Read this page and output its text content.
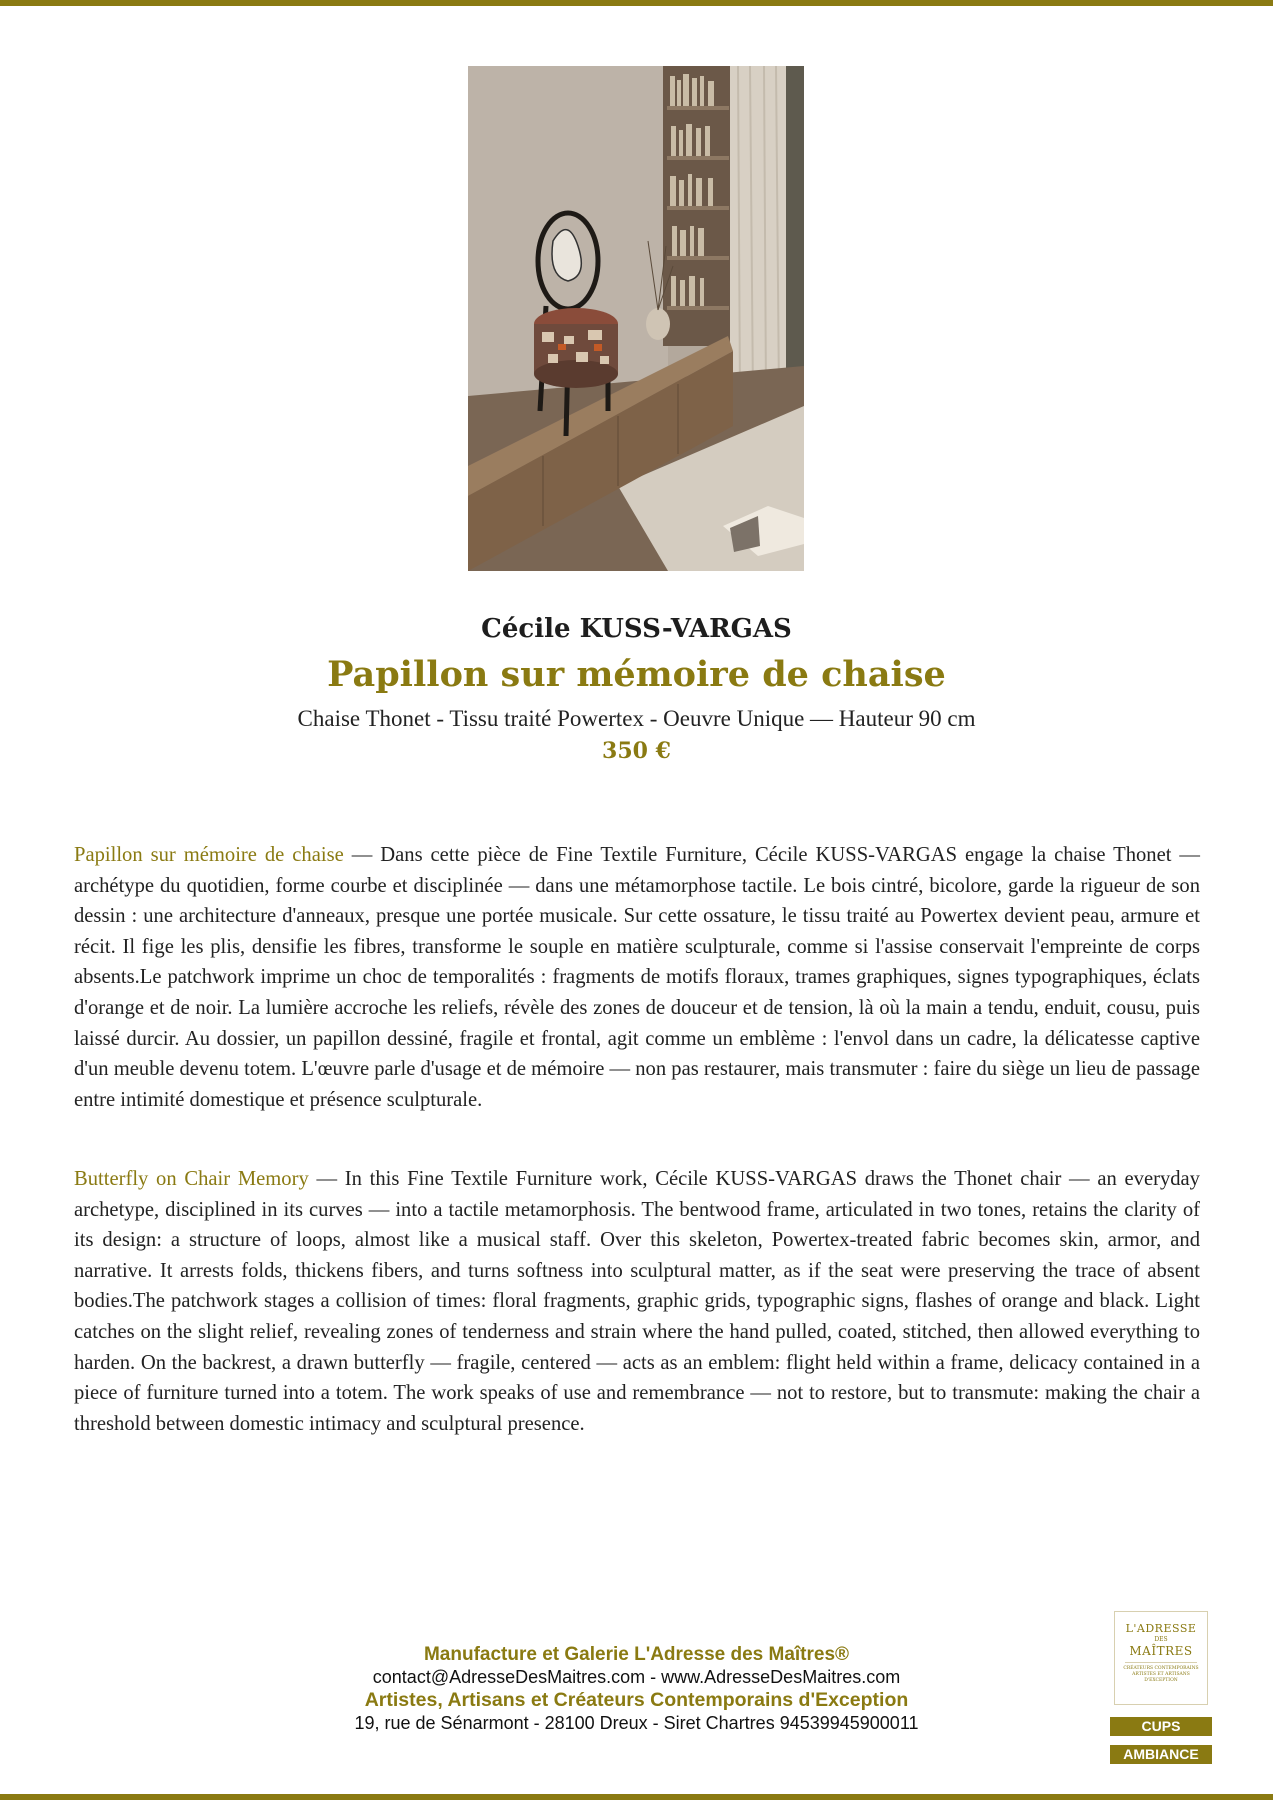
Cécile KUSS-VARGAS
Papillon sur mémoire de chaise
Chaise Thonet - Tissu traité Powertex - Oeuvre Unique — Hauteur 90 cm
350 €

Papillon sur mémoire de chaise — Dans cette pièce de Fine Textile Furniture, Cécile KUSS-VARGAS engage la chaise Thonet — archétype du quotidien, forme courbe et disciplinée — dans une métamorphose tactile. Le bois cintré, bicolore, garde la rigueur de son dessin : une architecture d'anneaux, presque une portée musicale. Sur cette ossature, le tissu traité au Powertex devient peau, armure et récit. Il fige les plis, densifie les fibres, transforme le souple en matière sculpturale, comme si l'assise conservait l'empreinte de corps absents.Le patchwork imprime un choc de temporalités : fragments de motifs floraux, trames graphiques, signes typographiques, éclats d'orange et de noir. La lumière accroche les reliefs, révèle des zones de douceur et de tension, là où la main a tendu, enduit, cousu, puis laissé durcir. Au dossier, un papillon dessiné, fragile et frontal, agit comme un emblème : l'envol dans un cadre, la délicatesse captive d'un meuble devenu totem. L'œuvre parle d'usage et de mémoire — non pas restaurer, mais transmuter : faire du siège un lieu de passage entre intimité domestique et présence sculpturale.

Butterfly on Chair Memory — In this Fine Textile Furniture work, Cécile KUSS-VARGAS draws the Thonet chair — an everyday archetype, disciplined in its curves — into a tactile metamorphosis. The bentwood frame, articulated in two tones, retains the clarity of its design: a structure of loops, almost like a musical staff. Over this skeleton, Powertex-treated fabric becomes skin, armor, and narrative. It arrests folds, thickens fibers, and turns softness into sculptural matter, as if the seat were preserving the trace of absent bodies.The patchwork stages a collision of times: floral fragments, graphic grids, typographic signs, flashes of orange and black. Light catches on the slight relief, revealing zones of tenderness and strain where the hand pulled, coated, stitched, then allowed everything to harden. On the backrest, a drawn butterfly — fragile, centered — acts as an emblem: flight held within a frame, delicacy contained in a piece of furniture turned into a totem. The work speaks of use and remembrance — not to restore, but to transmute: making the chair a threshold between domestic intimacy and sculptural presence.

Manufacture et Galerie L'Adresse des Maîtres®
contact@AdresseDesMaitres.com - www.AdresseDesMaitres.com
Artistes, Artisans et Créateurs Contemporains d'Exception
19, rue de Sénarmont - 28100 Dreux - Siret Chartres 94539945900011
L'ADRESSE
DES
MAÎTRES
CRÉATEURS CONTEMPORAINS ARTISTES ET ARTISANS D'EXCEPTION
CUPS
AMBIANCE
